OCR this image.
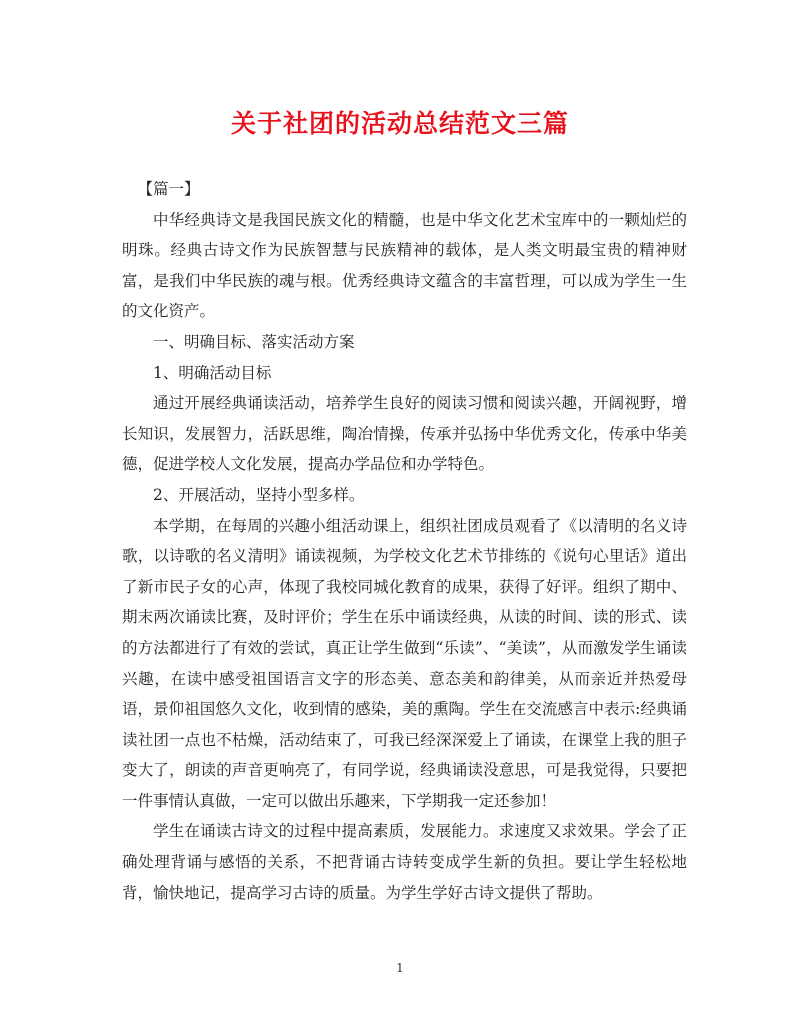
关于社团的活动总结范文三篇

【篇一】

中华经典诗文是我国民族文化的精髓，也是中华文化艺术宝库中的一颗灿烂的明珠。经典古诗文作为民族智慧与民族精神的载体，是人类文明最宝贵的精神财富，是我们中华民族的魂与根。优秀经典诗文蕴含的丰富哲理，可以成为学生一生的文化资产。

一、明确目标、落实活动方案

1、明确活动目标

通过开展经典诵读活动，培养学生良好的阅读习惯和阅读兴趣，开阔视野，增长知识，发展智力，活跃思维，陶冶情操，传承并弘扬中华优秀文化，传承中华美德，促进学校人文化发展，提高办学品位和办学特色。

2、开展活动，坚持小型多样。

本学期，在每周的兴趣小组活动课上，组织社团成员观看了《以清明的名义诗歌，以诗歌的名义清明》诵读视频，为学校文化艺术节排练的《说句心里话》道出了新市民子女的心声，体现了我校同城化教育的成果，获得了好评。组织了期中、期末两次诵读比赛，及时评价；学生在乐中诵读经典，从读的时间、读的形式、读的方法都进行了有效的尝试，真正让学生做到“乐读”、“美读”，从而激发学生诵读兴趣，在读中感受祖国语言文字的形态美、意态美和韵律美，从而亲近并热爱母语，景仰祖国悠久文化，收到情的感染，美的熏陶。学生在交流感言中表示:经典诵读社团一点也不枯燥，活动结束了，可我已经深深爱上了诵读，在课堂上我的胆子变大了，朗读的声音更响亮了，有同学说，经典诵读没意思，可是我觉得，只要把一件事情认真做，一定可以做出乐趣来，下学期我一定还参加！

学生在诵读古诗文的过程中提高素质，发展能力。求速度又求效果。学会了正确处理背诵与感悟的关系，不把背诵古诗转变成学生新的负担。要让学生轻松地背，愉快地记，提高学习古诗的质量。为学生学好古诗文提供了帮助。

1
